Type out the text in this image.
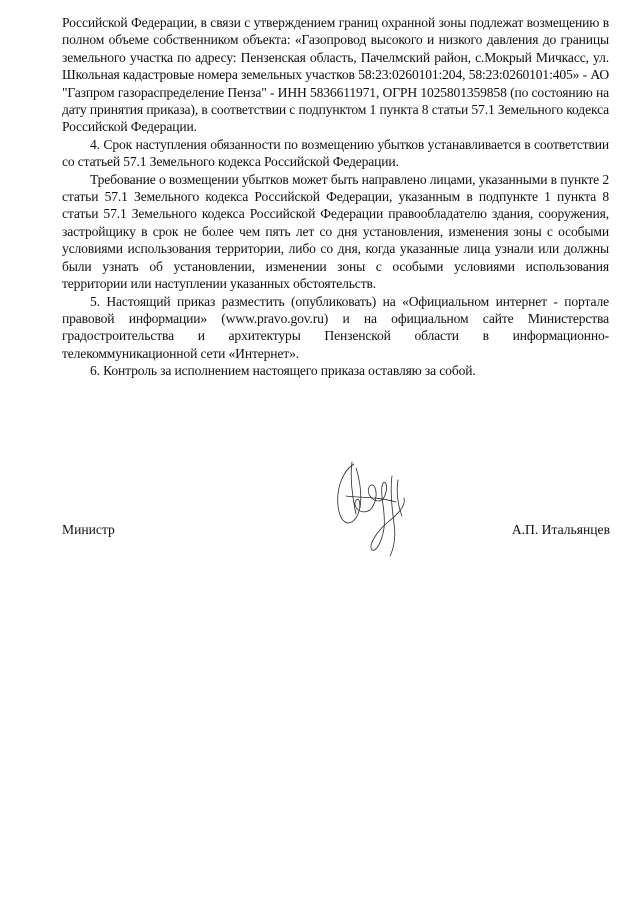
Российской Федерации, в связи с утверждением границ охранной зоны подлежат возмещению в полном объеме собственником объекта: «Газопровод высокого и низкого давления до границы земельного участка по адресу: Пензенская область, Пачелмский район, с.Мокрый Мичкасс, ул. Школьная кадастровые номера земельных участков 58:23:0260101:204, 58:23:0260101:405» - АО "Газпром газораспределение Пенза" - ИНН 5836611971, ОГРН 1025801359858 (по состоянию на дату принятия приказа), в соответствии с подпунктом 1 пункта 8 статьи 57.1 Земельного кодекса Российской Федерации.

4. Срок наступления обязанности по возмещению убытков устанавливается в соответствии со статьей 57.1 Земельного кодекса Российской Федерации.

Требование о возмещении убытков может быть направлено лицами, указанными в пункте 2 статьи 57.1 Земельного кодекса Российской Федерации, указанным в подпункте 1 пункта 8 статьи 57.1 Земельного кодекса Российской Федерации правообладателю здания, сооружения, застройщику в срок не более чем пять лет со дня установления, изменения зоны с особыми условиями использования территории, либо со дня, когда указанные лица узнали или должны были узнать об установлении, изменении зоны с особыми условиями использования территории или наступлении указанных обстоятельств.

5. Настоящий приказ разместить (опубликовать) на «Официальном интернет - портале правовой информации» (www.pravo.gov.ru) и на официальном сайте Министерства градостроительства и архитектуры Пензенской области в информационно-телекоммуникационной сети «Интернет».

6. Контроль за исполнением настоящего приказа оставляю за собой.

Министр	А.П. Итальянцев
